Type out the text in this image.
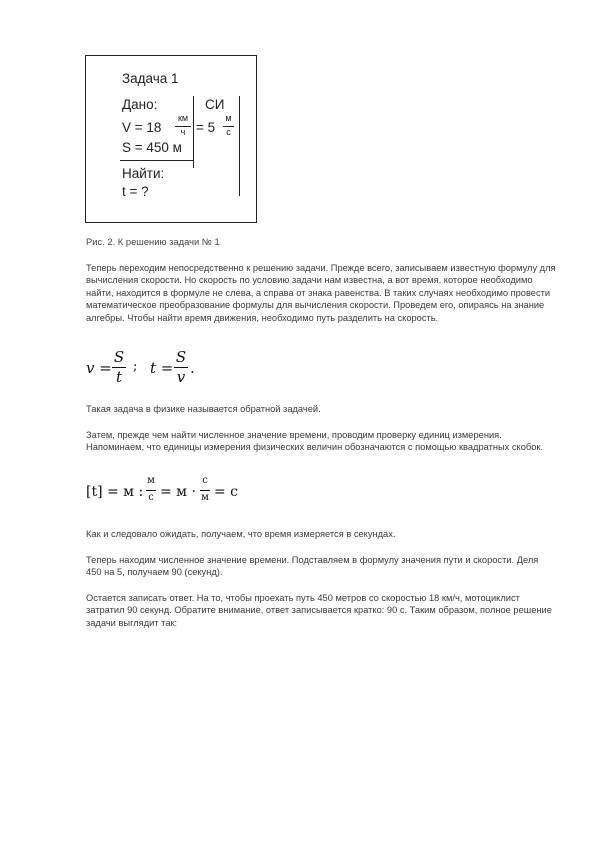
Задача 1
Дано:	СИ
V = 18
км
ч = 5
м
с
S = 450 м
Найти:
t = ?
Рис. 2. К решению задачи № 1

Теперь переходим непосредственно к решению задачи. Прежде всего, записываем известную формулу для вычисления скорости. Но скорость по условию задачи нам известна, а вот время, которое необходимо найти, находится в формуле не слева, а справа от знака равенства. В таких случаях необходимо провести математическое преобразование формулы для вычисления скорости. Проведем его, опираясь на знание алгебры. Чтобы найти время движения, необходимо путь разделить на скорость.

v =
S
t
; t =
S
v .

Такая задача в физике называется обратной задачей.

Затем, прежде чем найти численное значение времени, проводим проверку единиц измерения. Напоминаем, что единицы измерения физических величин обозначаются с помощью квадратных скобок.

[t] = м :
м
с = м ·
с
м = с

Как и следовало ожидать, получаем, что время измеряется в секундах.

Теперь находим численное значение времени. Подставляем в формулу значения пути и скорости. Деля 450 на 5, получаем 90 (секунд).

Остается записать ответ. На то, чтобы проехать путь 450 метров со скоростью 18 км/ч, мотоциклист затратил 90 секунд. Обратите внимание, ответ записывается кратко: 90 с. Таким образом, полное решение задачи выглядит так:
